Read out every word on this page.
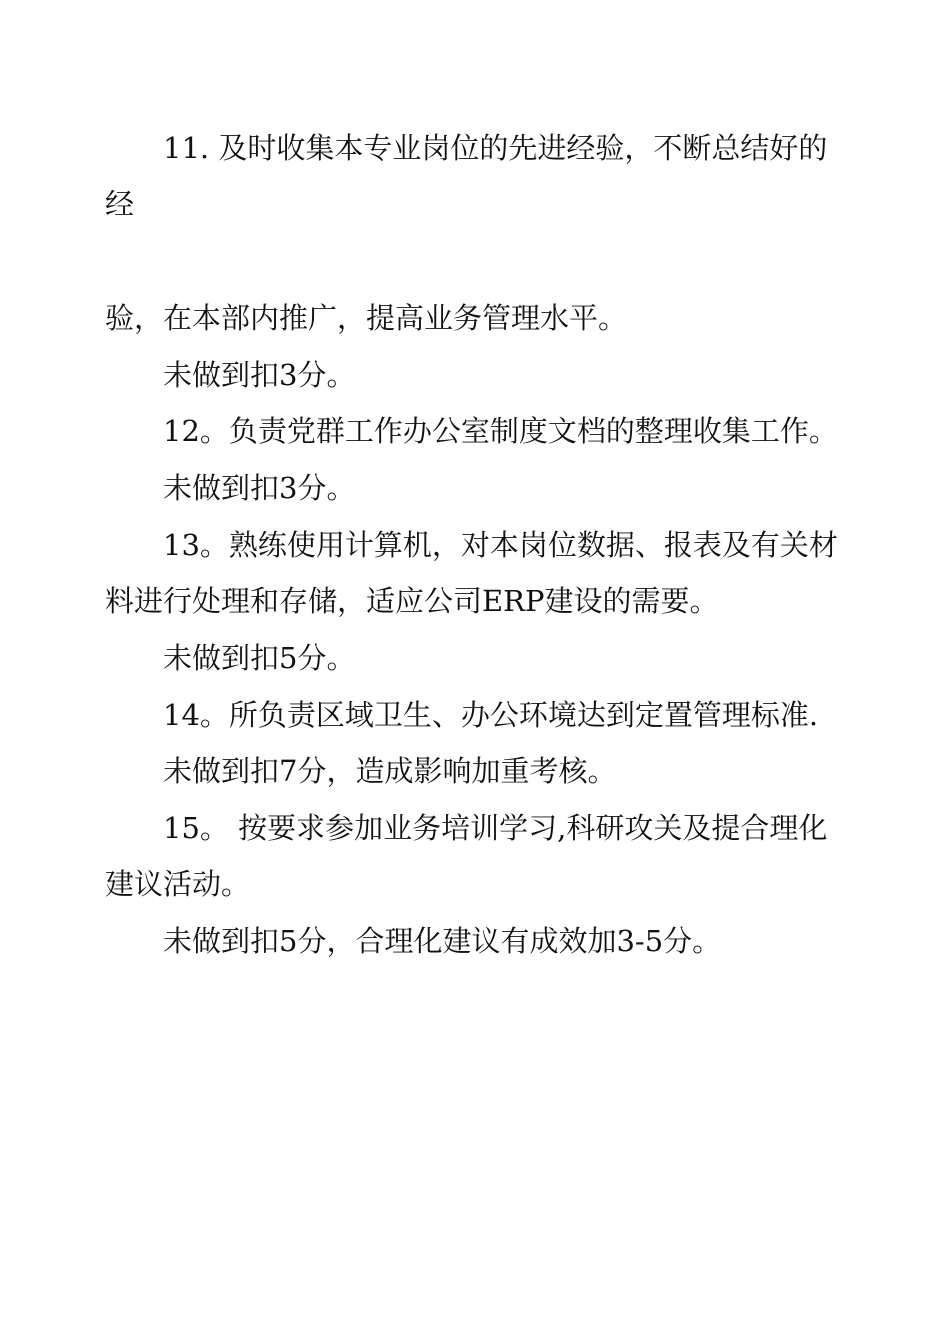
11. 及时收集本专业岗位的先进经验，不断总结好的
经
验，在本部内推广，提高业务管理水平。
未做到扣3分。
12。负责党群工作办公室制度文档的整理收集工作。
未做到扣3分。
13。熟练使用计算机，对本岗位数据、报表及有关材
料进行处理和存储，适应公司ERP建设的需要。
未做到扣5分。
14。所负责区域卫生、办公环境达到定置管理标准.
未做到扣7分，造成影响加重考核。
15。 按要求参加业务培训学习,科研攻关及提合理化
建议活动。
未做到扣5分，合理化建议有成效加3-5分。
